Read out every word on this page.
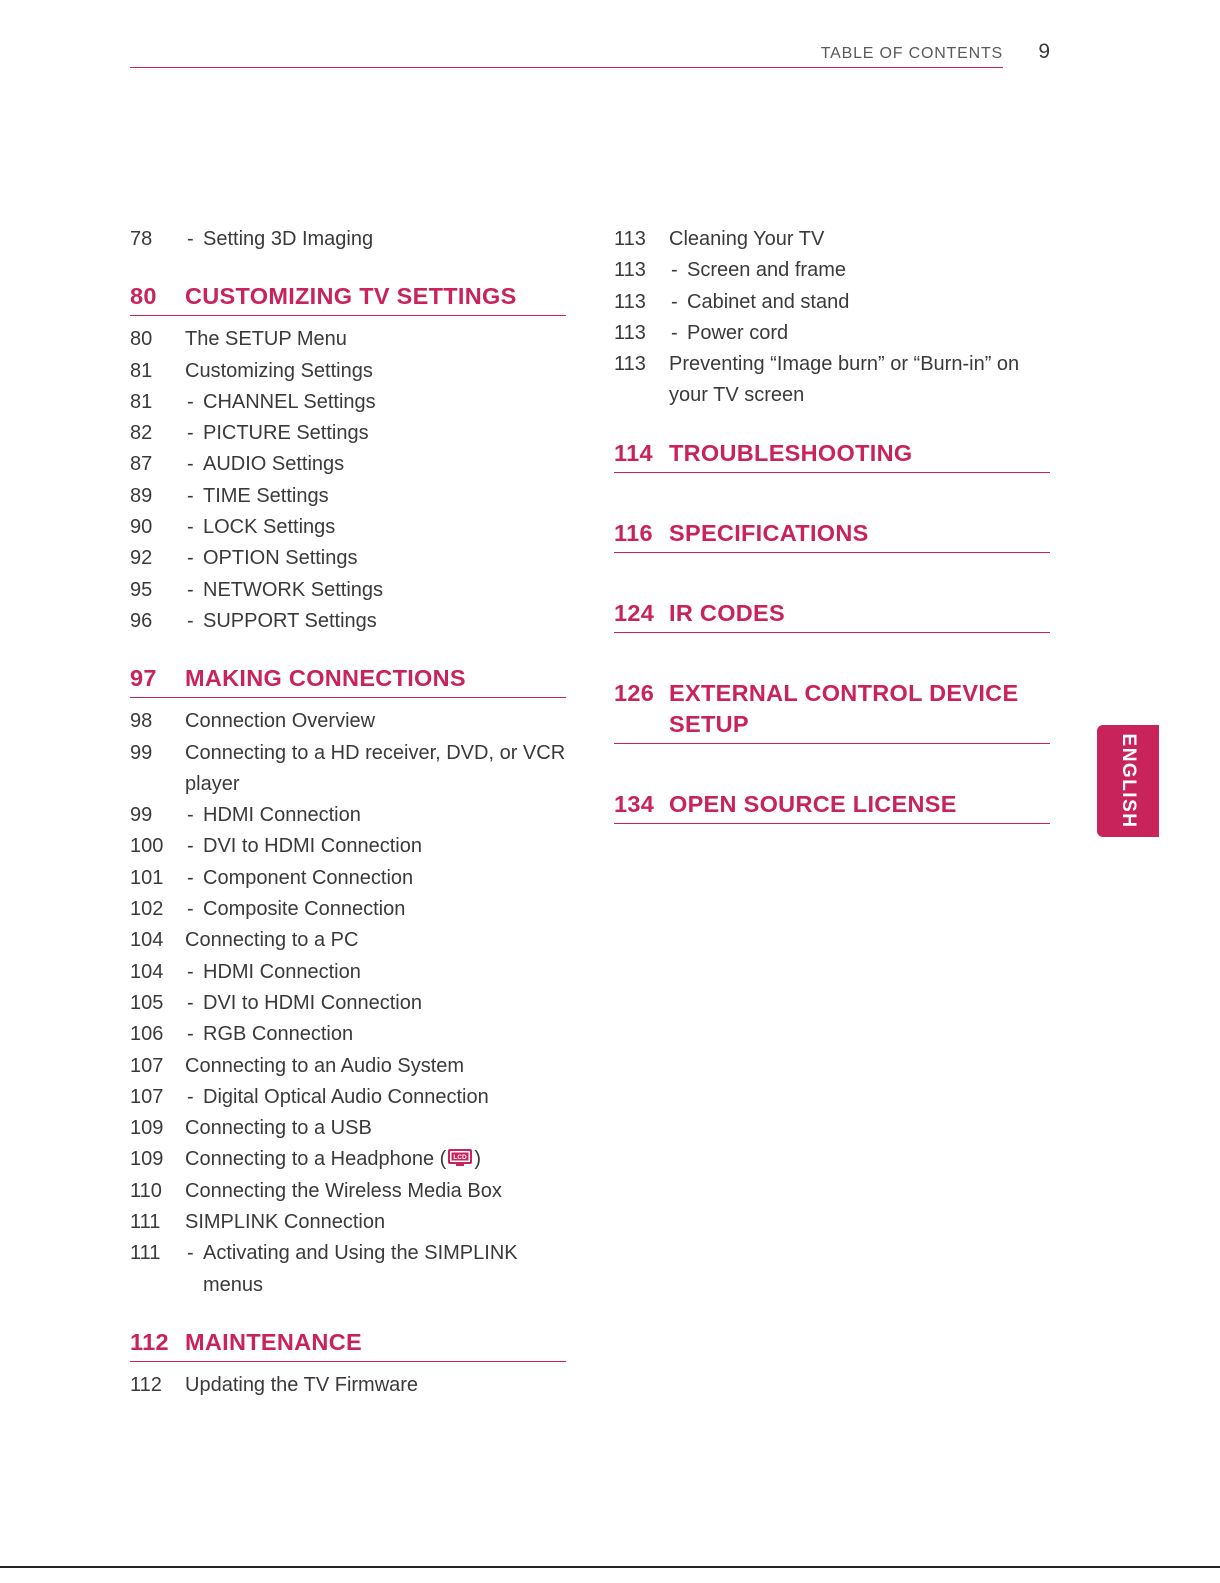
TABLE OF CONTENTS 9
78	- Setting 3D Imaging
80	CUSTOMIZING TV SETTINGS
80	The SETUP Menu
81	Customizing Settings
81	- CHANNEL Settings
82	- PICTURE Settings
87	- AUDIO Settings
89	- TIME Settings
90	- LOCK Settings
92	- OPTION Settings
95	- NETWORK Settings
96	- SUPPORT Settings
97	MAKING CONNECTIONS
98	Connection Overview
99	Connecting to a HD receiver, DVD, or VCR player
99	- HDMI Connection
100	- DVI to HDMI Connection
101	- Component Connection
102	- Composite Connection
104	Connecting to a PC
104	- HDMI Connection
105	- DVI to HDMI Connection
106	- RGB Connection
107	Connecting to an Audio System
107	- Digital Optical Audio Connection
109	Connecting to a USB
109	Connecting to a Headphone ( LCD )
110	Connecting the Wireless Media Box
111	SIMPLINK Connection
111	- Activating and Using the SIMPLINK menus
112 MAINTENANCE
112	Updating the TV Firmware
113	Cleaning Your TV
113	- Screen and frame
113	- Cabinet and stand
113	- Power cord
113	Preventing “Image burn” or “Burn-in” on your TV screen
114 TROUBLESHOOTING
116 SPECIFICATIONS
124 IR CODES
126 EXTERNAL CONTROL DEVICE SETUP
134 OPEN SOURCE LICENSE	ENGLISH
